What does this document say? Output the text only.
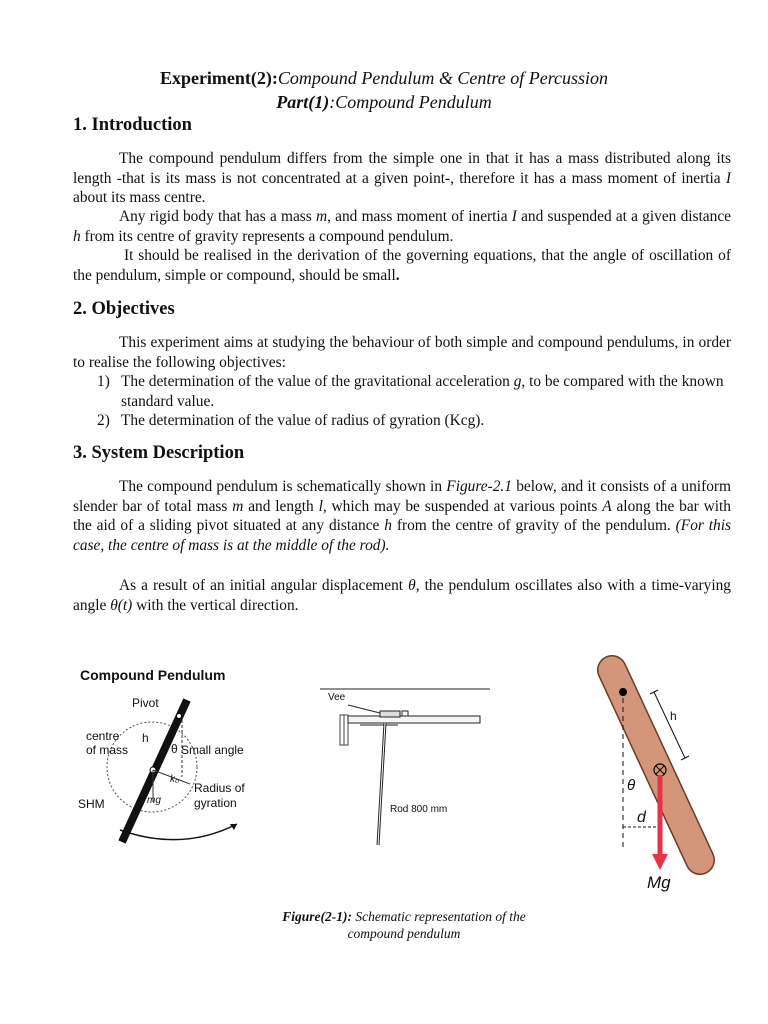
Experiment(2):Compound Pendulum & Centre of Percussion
Part(1):Compound Pendulum
1. Introduction

The compound pendulum differs from the simple one in that it has a mass distributed along its length -that is its mass is not concentrated at a given point-, therefore it has a mass moment of inertia I about its mass centre.

Any rigid body that has a mass m, and mass moment of inertia I and suspended at a given distance h from its centre of gravity represents a compound pendulum.

It should be realised in the derivation of the governing equations, that the angle of oscillation of the pendulum, simple or compound, should be small.

2. Objectives

This experiment aims at studying the behaviour of both simple and compound pendulums, in order to realise the following objectives:

1) The determination of the value of the gravitational acceleration g, to be compared with the known standard value.
2) The determination of the value of radius of gyration (Kcg).
3. System Description

The compound pendulum is schematically shown in Figure-2.1 below, and it consists of a uniform slender bar of total mass m and length l, which may be suspended at various points A along the bar with the aid of a sliding pivot situated at any distance h from the centre of gravity of the pendulum. (For this case, the centre of mass is at the middle of the rod).

As a result of an initial angular displacement θ, the pendulum oscillates also with a time-varying angle θ(t) with the vertical direction.

Compound Pendulum
Pivot
centre
of mass
h
θ Small angle
k₀
Radius of
gyration
mg
SHM
Vee
Rod 800 mm
h
θ
d
Mg
Figure(2-1): Schematic representation of the
compound pendulum
